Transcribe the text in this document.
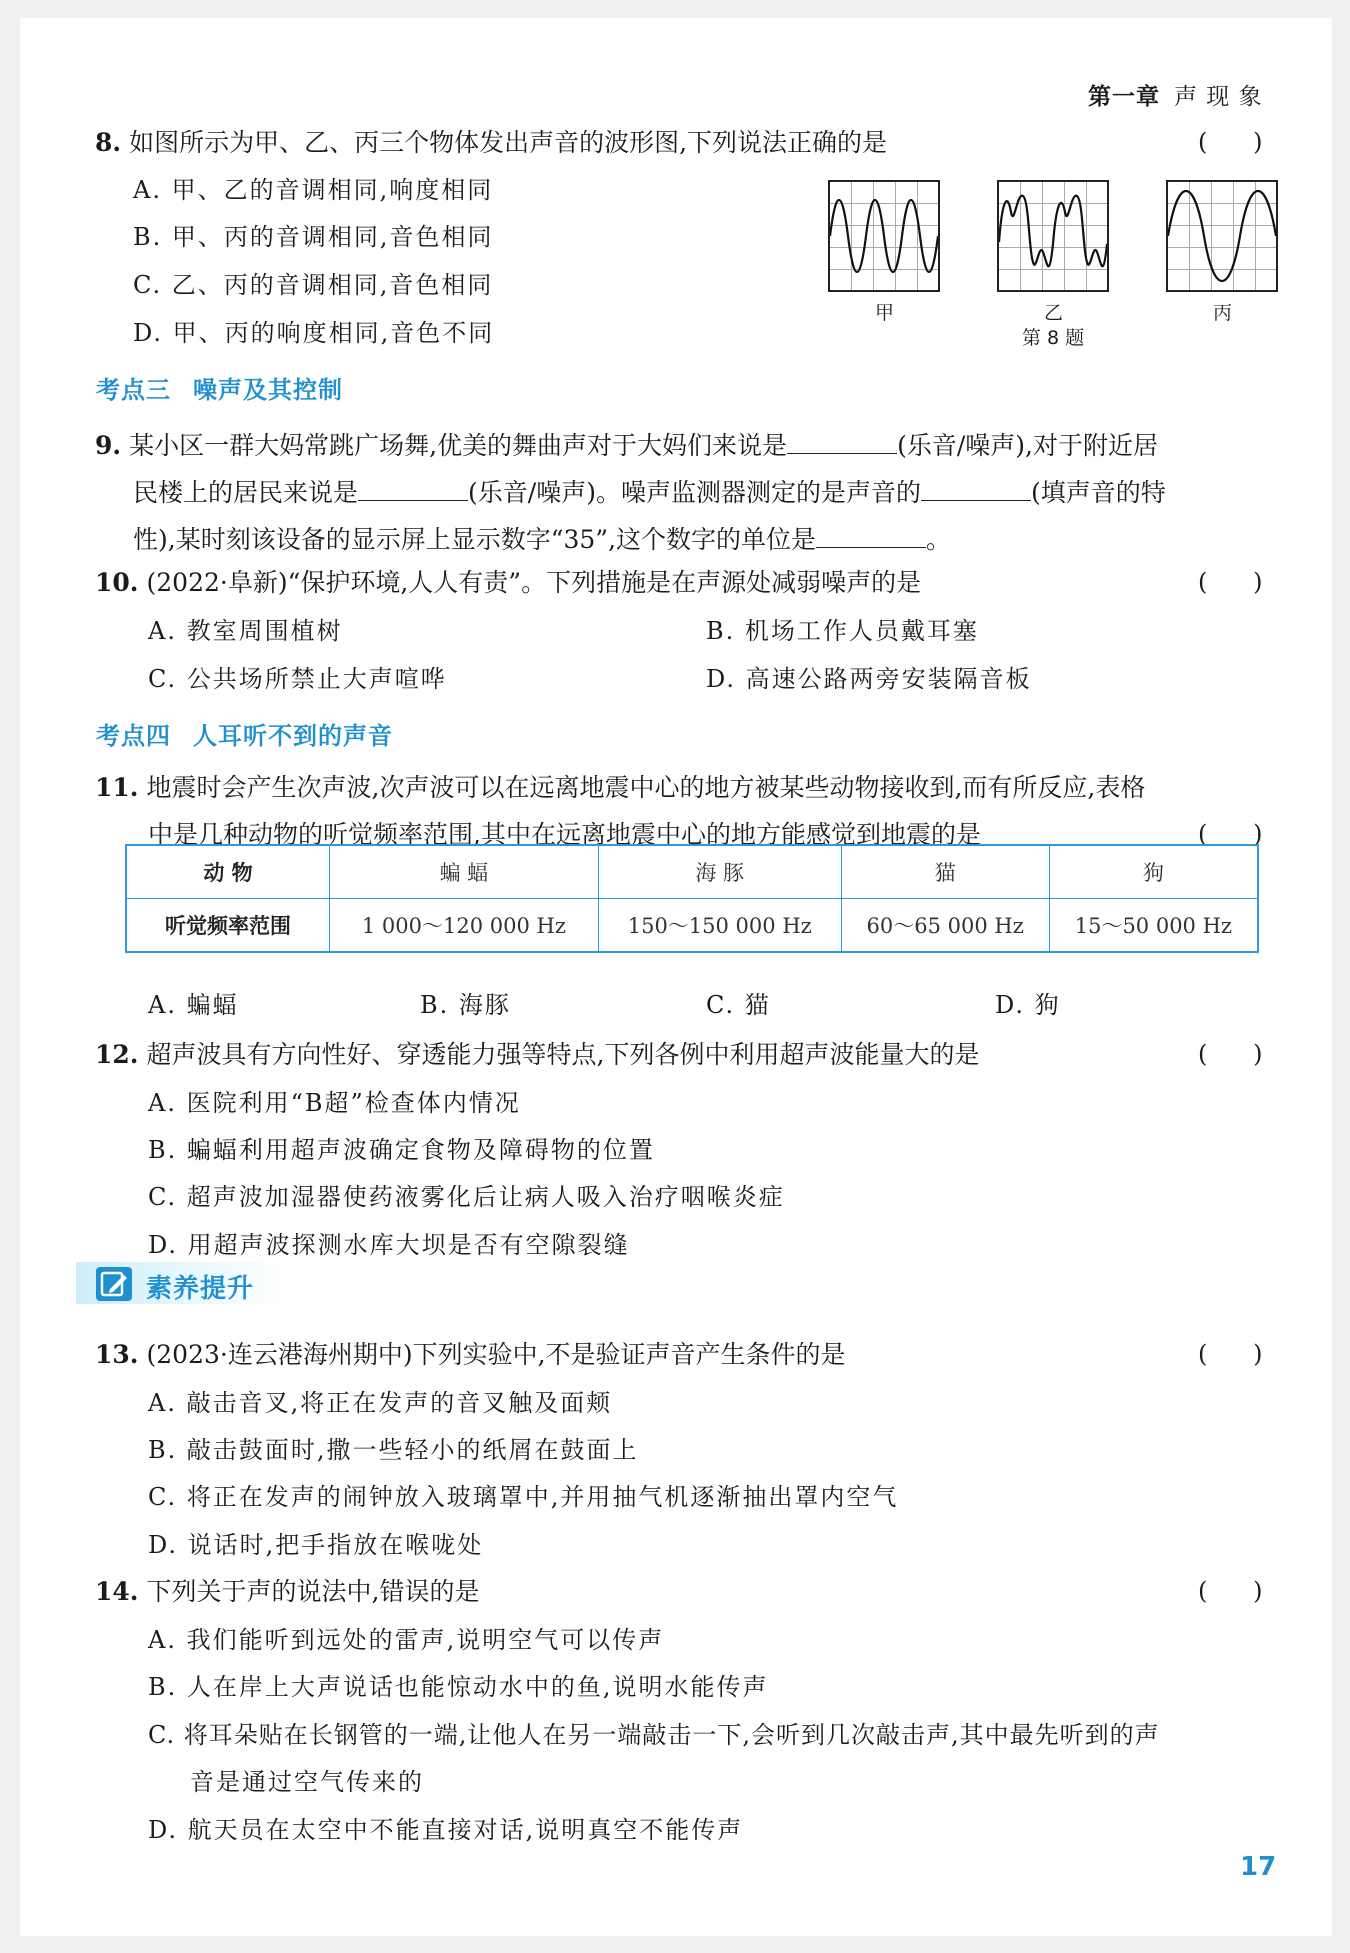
第一章 声 现 象
8. 如图所示为甲、乙、丙三个物体发出声音的波形图,下列说法正确的是	(      )
A. 甲、乙的音调相同,响度相同
B. 甲、丙的音调相同,音色相同
C. 乙、丙的音调相同,音色相同
D. 甲、丙的响度相同,音色不同
甲	乙	丙
第 8 题
考点三 噪声及其控制
9. 某小区一群大妈常跳广场舞,优美的舞曲声对于大妈们来说是	(乐音/噪声),对于附近居
民楼上的居民来说是	(乐音/噪声)。噪声监测器测定的是声音的	(填声音的特
性),某时刻该设备的显示屏上显示数字“35”,这个数字的单位是	。
10. (2022·阜新)“保护环境,人人有责”。下列措施是在声源处减弱噪声的是	(      )
A. 教室周围植树	B. 机场工作人员戴耳塞
C. 公共场所禁止大声喧哗	D. 高速公路两旁安装隔音板
考点四 人耳听不到的声音
11. 地震时会产生次声波,次声波可以在远离地震中心的地方被某些动物接收到,而有所反应,表格
中是几种动物的听觉频率范围,其中在远离地震中心的地方能感觉到地震的是	(      )
动 物	蝙 蝠	海 豚	猫	狗
听觉频率范围	1 000～120 000 Hz	150～150 000 Hz	60～65 000 Hz	15～50 000 Hz
A. 蝙蝠	B. 海豚	C. 猫	D. 狗
12. 超声波具有方向性好、穿透能力强等特点,下列各例中利用超声波能量大的是	(      )
A. 医院利用“B超”检查体内情况
B. 蝙蝠利用超声波确定食物及障碍物的位置
C. 超声波加湿器使药液雾化后让病人吸入治疗咽喉炎症
D. 用超声波探测水库大坝是否有空隙裂缝
素养提升
13. (2023·连云港海州期中)下列实验中,不是验证声音产生条件的是	(      )
A. 敲击音叉,将正在发声的音叉触及面颊
B. 敲击鼓面时,撒一些轻小的纸屑在鼓面上
C. 将正在发声的闹钟放入玻璃罩中,并用抽气机逐渐抽出罩内空气
D. 说话时,把手指放在喉咙处
14. 下列关于声的说法中,错误的是	(      )
A. 我们能听到远处的雷声,说明空气可以传声
B. 人在岸上大声说话也能惊动水中的鱼,说明水能传声
C. 将耳朵贴在长钢管的一端,让他人在另一端敲击一下,会听到几次敲击声,其中最先听到的声
音是通过空气传来的
D. 航天员在太空中不能直接对话,说明真空不能传声
17
